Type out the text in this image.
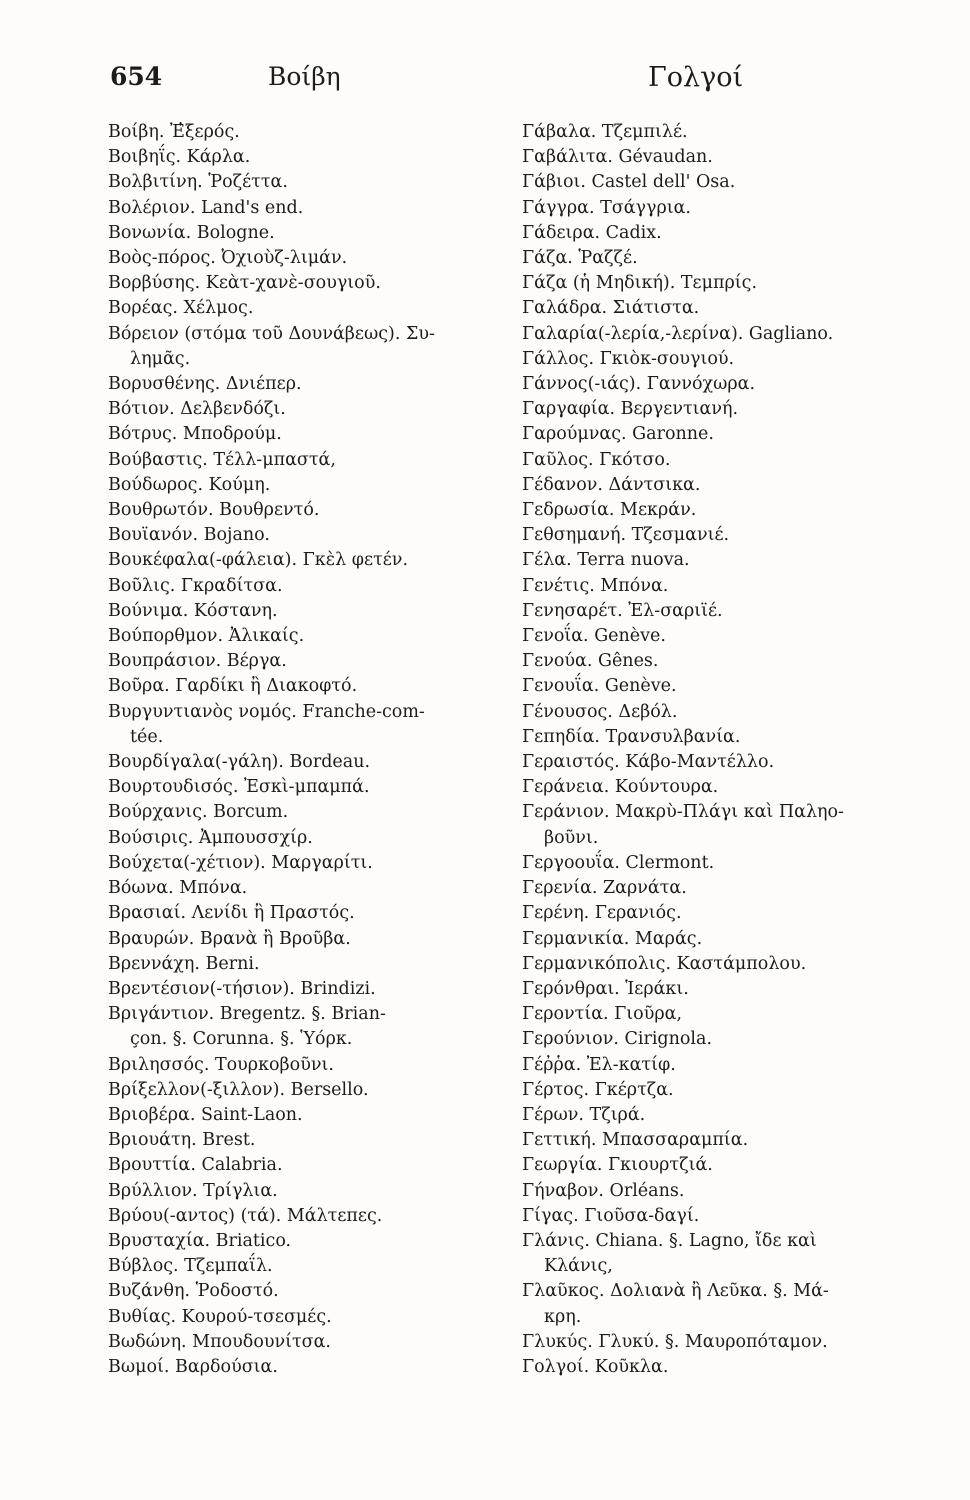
654	Βοίβη	Γολγοί
Βοίβη. Ἐ̓ξερός.
Βοιβηΐς. Κάρλα.
Βολβιτίνη. Ῥοζέττα.
Βολέριον. Land's end.
Βονωνία. Bologne.
Βοὸς-πόρος. Ὀχιοὺζ-λιμάν.
Βορβύσης. Κεὰτ-χανὲ-σουγιοῦ.
Βορέας. Χέλμος.
Βόρειον (στόμα τοῦ Δουνάβεως). Συ-
λημᾶς.
Βορυσθένης. Δνιέπερ.
Βότιον. Δελβενδόζι.
Βότρυς. Μποδρούμ.
Βούβαστις. Τέλλ-μπαστά,
Βούδωρος. Κούμη.
Βουθρωτόν. Βουθρεντό.
Βουϊανόν. Bojano.
Βουκέφαλα(-φάλεια). Γκὲλ φετέν.
Βοῦλις. Γκραδίτσα.
Βούνιμα. Κόστανη.
Βούπορθμον. Ἀλικαίς.
Βουπράσιον. Βέργα.
Βοῦρα. Γαρδίκι ἢ Διακοφτό.
Βυργυντιανὸς νομός. Franche-com-
tée.
Βουρδίγαλα(-γάλη). Bordeau.
Βουρτουδισός. Ἐσκὶ-μπαμπά.
Βούρχανις. Borcum.
Βούσιρις. Ἀμπουσσχίρ.
Βούχετα(-χέτιον). Μαργαρίτι.
Βόωνα. Μπόνα.
Βρασιαί. Λενίδι ἢ Πραστός.
Βραυρών. Βρανὰ ἢ Βροῦβα.
Βρεννάχη. Berni.
Βρεντέσιον(-τήσιον). Brindizi.
Βριγάντιον. Bregentz. §. Brian-
çon. §. Corunna. §. Ὑόρκ.
Βριλησσός. Τουρκοβοῦνι.
Βρίξελλον(-ξιλλον). Bersello.
Βριοβέρα. Saint-Laon.
Βριουάτη. Brest.
Βρουττία. Calabria.
Βρύλλιον. Τρίγλια.
Βρύου(-αντος) (τά). Μάλτεπες.
Βρυσταχία. Briatico.
Βύβλος. Τζεμπαΐλ.
Βυζάνθη. Ῥοδοστό.
Βυθίας. Κουρού-τσεσμές.
Βωδώνη. Μπουδουνίτσα.
Βωμοί. Βαρδούσια.
Γάβαλα. Τζεμπιλέ.
Γαβάλιτα. Gévaudan.
Γάβιοι. Castel dell' Osa.
Γάγγρα. Τσάγγρια.
Γάδειρα. Cadix.
Γάζα. Ῥαζζέ.
Γάζα (ἡ Μηδική). Τεμπρίς.
Γαλάδρα. Σιάτιστα.
Γαλαρία(-λερία,-λερίνα). Gagliano.
Γάλλος. Γκιὸκ-σουγιού.
Γάννος(-ιάς). Γαννόχωρα.
Γαργαφία. Βεργεντιανή.
Γαρούμνας. Garonne.
Γαῦλος. Γκότσο.
Γέδανον. Δάντσικα.
Γεδρωσία. Μεκράν.
Γεθσημανή. Τζεσμανιέ.
Γέλα. Terra nuova.
Γενέτις. Μπόνα.
Γενησαρέτ. Ἐλ-σαριϊέ.
Γενοΐα. Genève.
Γενούα. Gênes.
Γενουΐα. Genève.
Γένουσος. Δεβόλ.
Γεπηδία. Τρανσυλβανία.
Γεραιστός. Κάβο-Μαντέλλο.
Γεράνεια. Κούντουρα.
Γεράνιον. Μακρὺ-Πλάγι καὶ Παληο-
βοῦνι.
Γεργοουΐα. Clermont.
Γερενία. Ζαρνάτα.
Γερένη. Γερανιός.
Γερμανικία. Μαράς.
Γερμανικόπολις. Καστάμπολου.
Γερόνθραι. Ἱεράκι.
Γεροντία. Γιοῦρα,
Γερούνιον. Cirignola.
Γέῤῥα. Ἐλ-κατίφ.
Γέρτος. Γκέρτζα.
Γέρων. Τζιρά.
Γεττική. Μπασσαραμπία.
Γεωργία. Γκιουρτζιά.
Γήναβον. Orléans.
Γίγας. Γιοῦσα-δαγί.
Γλάνις. Chiana. §. Lagno, ἴδε καὶ
Κλάνις,
Γλαῦκος. Δολιανὰ ἢ Λεῦκα. §. Μά-
κρη.
Γλυκύς. Γλυκύ. §. Μαυροπόταμον.
Γολγοί. Κοῦκλα.
